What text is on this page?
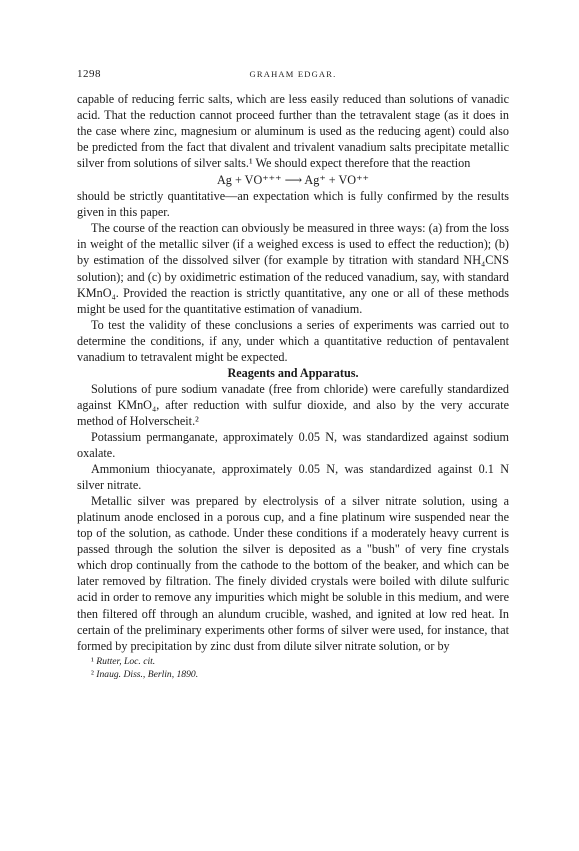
1298	GRAHAM EDGAR.

capable of reducing ferric salts, which are less easily reduced than solutions of vanadic acid. That the reduction cannot proceed further than the tetravalent stage (as it does in the case where zinc, magnesium or aluminum is used as the reducing agent) could also be predicted from the fact that divalent and trivalent vanadium salts precipitate metallic silver from solutions of silver salts.¹ We should expect therefore that the reaction

Ag + VO⁺⁺⁺ ⟶ Ag⁺ + VO⁺⁺

should be strictly quantitative—an expectation which is fully confirmed by the results given in this paper.

The course of the reaction can obviously be measured in three ways: (a) from the loss in weight of the metallic silver (if a weighed excess is used to effect the reduction); (b) by estimation of the dissolved silver (for example by titration with standard NH₄CNS solution); and (c) by oxidimetric estimation of the reduced vanadium, say, with standard KMnO₄. Provided the reaction is strictly quantitative, any one or all of these methods might be used for the quantitative estimation of vanadium.

To test the validity of these conclusions a series of experiments was carried out to determine the conditions, if any, under which a quantitative reduction of pentavalent vanadium to tetravalent might be expected.

Reagents and Apparatus.

Solutions of pure sodium vanadate (free from chloride) were carefully standardized against KMnO₄, after reduction with sulfur dioxide, and also by the very accurate method of Holverscheit.²

Potassium permanganate, approximately 0.05 N, was standardized against sodium oxalate.

Ammonium thiocyanate, approximately 0.05 N, was standardized against 0.1 N silver nitrate.

Metallic silver was prepared by electrolysis of a silver nitrate solution, using a platinum anode enclosed in a porous cup, and a fine platinum wire suspended near the top of the solution, as cathode. Under these conditions if a moderately heavy current is passed through the solution the silver is deposited as a "bush" of very fine crystals which drop continually from the cathode to the bottom of the beaker, and which can be later removed by filtration. The finely divided crystals were boiled with dilute sulfuric acid in order to remove any impurities which might be soluble in this medium, and were then filtered off through an alundum crucible, washed, and ignited at low red heat. In certain of the preliminary experiments other forms of silver were used, for instance, that formed by precipitation by zinc dust from dilute silver nitrate solution, or by

¹ Rutter, Loc. cit.

² Inaug. Diss., Berlin, 1890.
